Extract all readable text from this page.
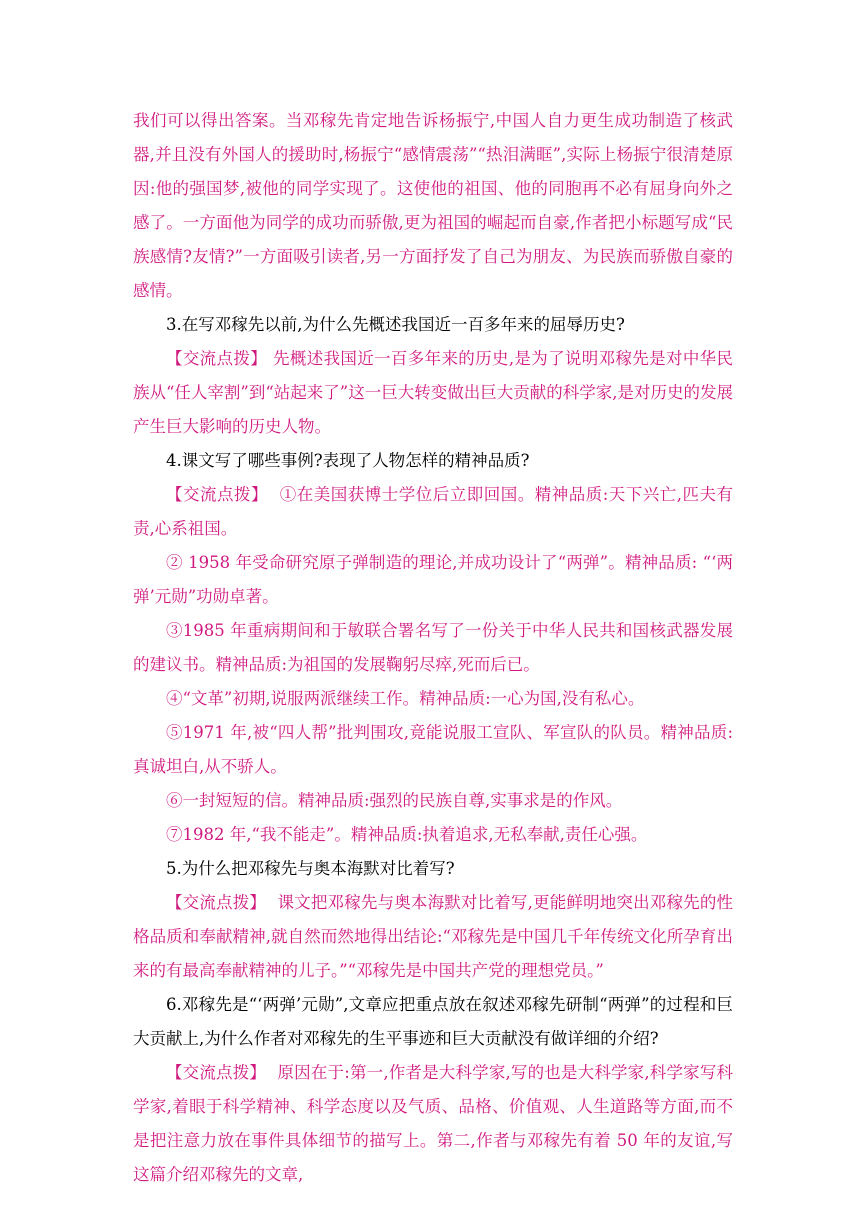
我们可以得出答案。当邓稼先肯定地告诉杨振宁,中国人自力更生成功制造了核武器,并且没有外国人的援助时,杨振宁“感情震荡”“热泪满眶”,实际上杨振宁很清楚原因:他的强国梦,被他的同学实现了。这使他的祖国、他的同胞再不必有屈身向外之感了。一方面他为同学的成功而骄傲,更为祖国的崛起而自豪,作者把小标题写成“民族感情?友情?”一方面吸引读者,另一方面抒发了自己为朋友、为民族而骄傲自豪的感情。

3.在写邓稼先以前,为什么先概述我国近一百多年来的屈辱历史?

【交流点拨】 先概述我国近一百多年来的历史,是为了说明邓稼先是对中华民族从“任人宰割”到“站起来了”这一巨大转变做出巨大贡献的科学家,是对历史的发展产生巨大影响的历史人物。

4.课文写了哪些事例?表现了人物怎样的精神品质?

【交流点拨】 ①在美国获博士学位后立即回国。精神品质:天下兴亡,匹夫有责,心系祖国。

② 1958 年受命研究原子弹制造的理论,并成功设计了“两弹”。精神品质: “‘两弹’元勋”功勋卓著。

③1985 年重病期间和于敏联合署名写了一份关于中华人民共和国核武器发展的建议书。精神品质:为祖国的发展鞠躬尽瘁,死而后已。

④“文革”初期,说服两派继续工作。精神品质:一心为国,没有私心。

⑤1971 年,被“四人帮”批判围攻,竟能说服工宣队、军宣队的队员。精神品质:真诚坦白,从不骄人。

⑥一封短短的信。精神品质:强烈的民族自尊,实事求是的作风。

⑦1982 年,“我不能走”。精神品质:执着追求,无私奉献,责任心强。

5.为什么把邓稼先与奥本海默对比着写?

【交流点拨】 课文把邓稼先与奥本海默对比着写,更能鲜明地突出邓稼先的性格品质和奉献精神,就自然而然地得出结论:“邓稼先是中国几千年传统文化所孕育出来的有最高奉献精神的儿子。”“邓稼先是中国共产党的理想党员。”

6.邓稼先是“‘两弹’元勋”,文章应把重点放在叙述邓稼先研制“两弹”的过程和巨大贡献上,为什么作者对邓稼先的生平事迹和巨大贡献没有做详细的介绍?

【交流点拨】 原因在于:第一,作者是大科学家,写的也是大科学家,科学家写科学家,着眼于科学精神、科学态度以及气质、品格、价值观、人生道路等方面,而不是把注意力放在事件具体细节的描写上。第二,作者与邓稼先有着 50 年的友谊,写这篇介绍邓稼先的文章,
